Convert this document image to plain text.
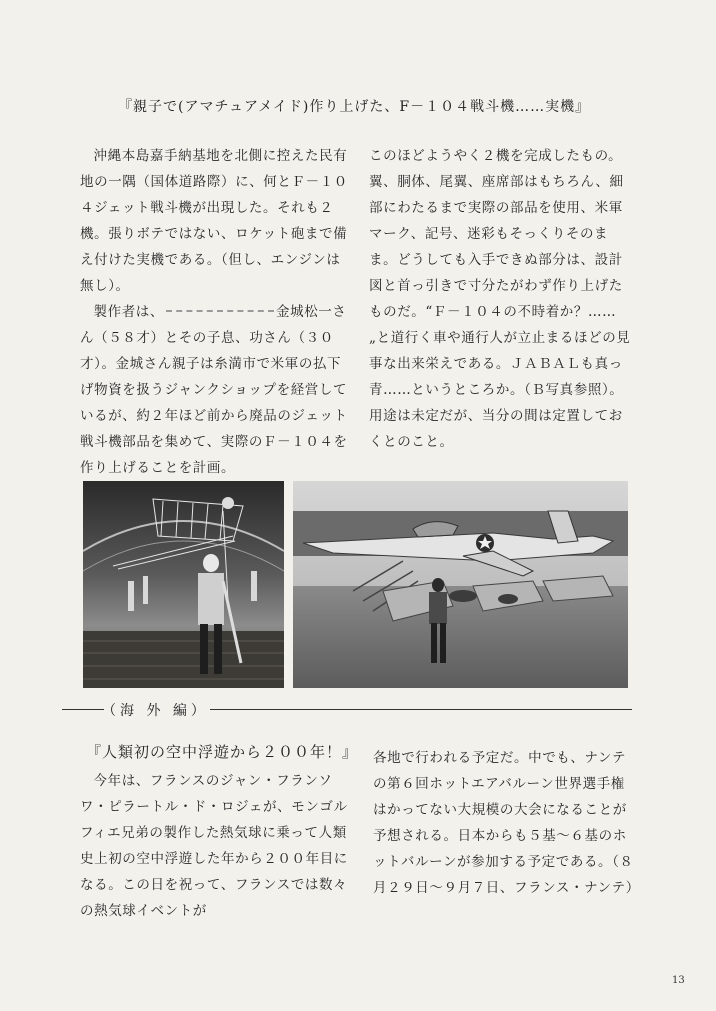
『親子で(アマチュアメイド)作り上げた、F－１０４戦斗機……実機』

沖縄本島嘉手納基地を北側に控えた民有地の一隅（国体道路際）に、何とＦ－１０４ジェット戦斗機が出現した。それも２機。張りボテではない、ロケット砲まで備え付けた実機である。（但し、エンジンは無し）。

製作者は、	金城松一さん（５８才）とその子息、功さん（３０才）。金城さん親子は糸満市で米軍の払下げ物資を扱うジャンクショップを経営しているが、約２年ほど前から廃品のジェット戦斗機部品を集めて、実際のＦ－１０４を作り上げることを計画。

このほどようやく２機を完成したもの。翼、胴体、尾翼、座席部はもちろん、細部にわたるまで実際の部品を使用、米軍マーク、記号、迷彩もそっくりそのまま。どうしても入手できぬ部分は、設計図と首っ引きで寸分たがわず作り上げたものだ。“Ｆ－１０４の不時着か？……„と道行く車や通行人が立止まるほどの見事な出来栄えである。ＪＡＢＡＬも真っ青……というところか。（Ｂ写真参照）。用途は未定だが、当分の間は定置しておくとのこと。

（海 外 編）
『人類初の空中浮遊から２００年！』

今年は、フランスのジャン・フランソワ・ピラートル・ド・ロジェが、モンゴルフィエ兄弟の製作した熱気球に乗って人類史上初の空中浮遊した年から２００年目になる。この日を祝って、フランスでは数々の熱気球イベントが

各地で行われる予定だ。中でも、ナンテの第６回ホットエアバルーン世界選手権はかってない大規模の大会になることが予想される。日本からも５基～６基のホットバルーンが参加する予定である。（８月２９日～９月７日、フランス・ナンテ）

13
